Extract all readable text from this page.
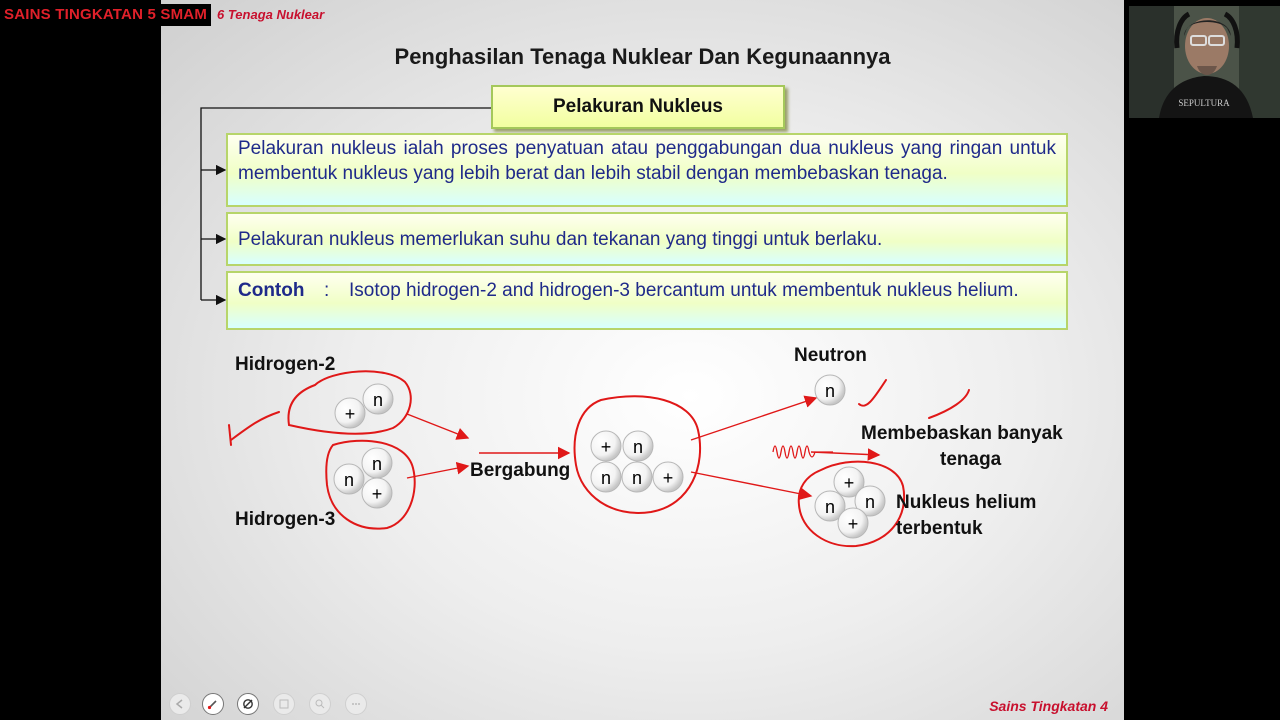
SAINS TINGKATAN 5 SMAM 6 Tenaga Nuklear
Penghasilan Tenaga Nuklear Dan Kegunaannya
+
n
n
n
+
+ n
n n +
n
+
n n
+
Pelakuran Nukleus
Pelakuran nukleus ialah proses penyatuan atau penggabungan dua nukleus yang ringan untuk membentuk nukleus yang lebih berat dan lebih stabil dengan membebaskan tenaga.
Pelakuran nukleus memerlukan suhu dan tekanan yang tinggi untuk berlaku.
Contoh : Isotop hidrogen-2 and hidrogen-3 bercantum untuk membentuk nukleus helium.
Hidrogen-2
Hidrogen-3
Bergabung
Neutron
Membebaskan banyak
tenaga
Nukleus helium
terbentuk
Sains Tingkatan 4
SEPULTURA
